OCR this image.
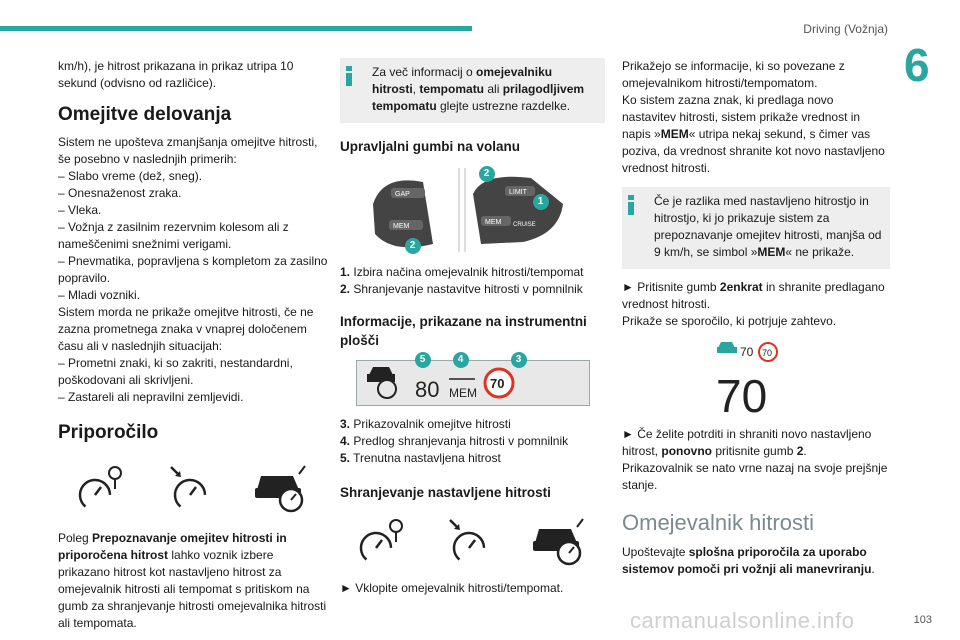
Driving (Vožnja)
6

km/h), je hitrost prikazana in prikaz utripa 10 sekund (odvisno od različice).

Omejitve delovanja

Sistem ne upošteva zmanjšanja omejitve hitrosti, še posebno v naslednjih primerih:

– Slabo vreme (dež, sneg).
– Onesnaženost zraka.
– Vleka.
– Vožnja z zasilnim rezervnim kolesom ali z nameščenimi snežnimi verigami.
– Pnevmatika, popravljena s kompletom za zasilno popravilo.
– Mladi vozniki.

Sistem morda ne prikaže omejitve hitrosti, če ne zazna prometnega znaka v vnaprej določenem času ali v naslednjih situacijah:

– Prometni znaki, ki so zakriti, nestandardni, poškodovani ali skrivljeni.
– Zastareli ali nepravilni zemljevidi.
Priporočilo

Poleg Prepoznavanje omejitev hitrosti in priporočena hitrost lahko voznik izbere prikazano hitrost kot nastavljeno hitrost za omejevalnik hitrosti ali tempomat s pritiskom na gumb za shranjevanje hitrosti omejevalnika hitrosti ali tempomata.

Za več informacij o omejevalniku hitrosti, tempomatu ali prilagodljivem tempomatu glejte ustrezne razdelke.

Upravljalni gumbi na volanu
GAP
MEM
LIMIT
MEM CRUISE
2
1
2
1. Izbira načina omejevalnik hitrosti/tempomat
2. Shranjevanje nastavitve hitrosti v pomnilnik
Informacije, prikazane na instrumentni plošči
80 MEM
70
5	4	3
3. Prikazovalnik omejitve hitrosti
4. Predlog shranjevanja hitrosti v pomnilnik
5. Trenutna nastavljena hitrost
Shranjevanje nastavljene hitrosti

► Vklopite omejevalnik hitrosti/tempomat.

Prikažejo se informacije, ki so povezane z omejevalnikom hitrosti/tempomatom.

Ko sistem zazna znak, ki predlaga novo nastavitev hitrosti, sistem prikaže vrednost in napis »MEM« utripa nekaj sekund, s čimer vas poziva, da vrednost shranite kot novo nastavljeno vrednost hitrosti.

Če je razlika med nastavljeno hitrostjo in hitrostjo, ki jo prikazuje sistem za prepoznavanje omejitev hitrosti, manjša od 9 km/h, se simbol »MEM« ne prikaže.

► Pritisnite gumb 2enkrat in shranite predlagano vrednost hitrosti.

Prikaže se sporočilo, ki potrjuje zahtevo.

70 70
70

► Če želite potrditi in shraniti novo nastavljeno hitrost, ponovno pritisnite gumb 2.

Prikazovalnik se nato vrne nazaj na svoje prejšnje stanje.

Omejevalnik hitrosti

Upoštevajte splošna priporočila za uporabo sistemov pomoči pri vožnji ali manevriranju.

carmanualsonline.info	103
